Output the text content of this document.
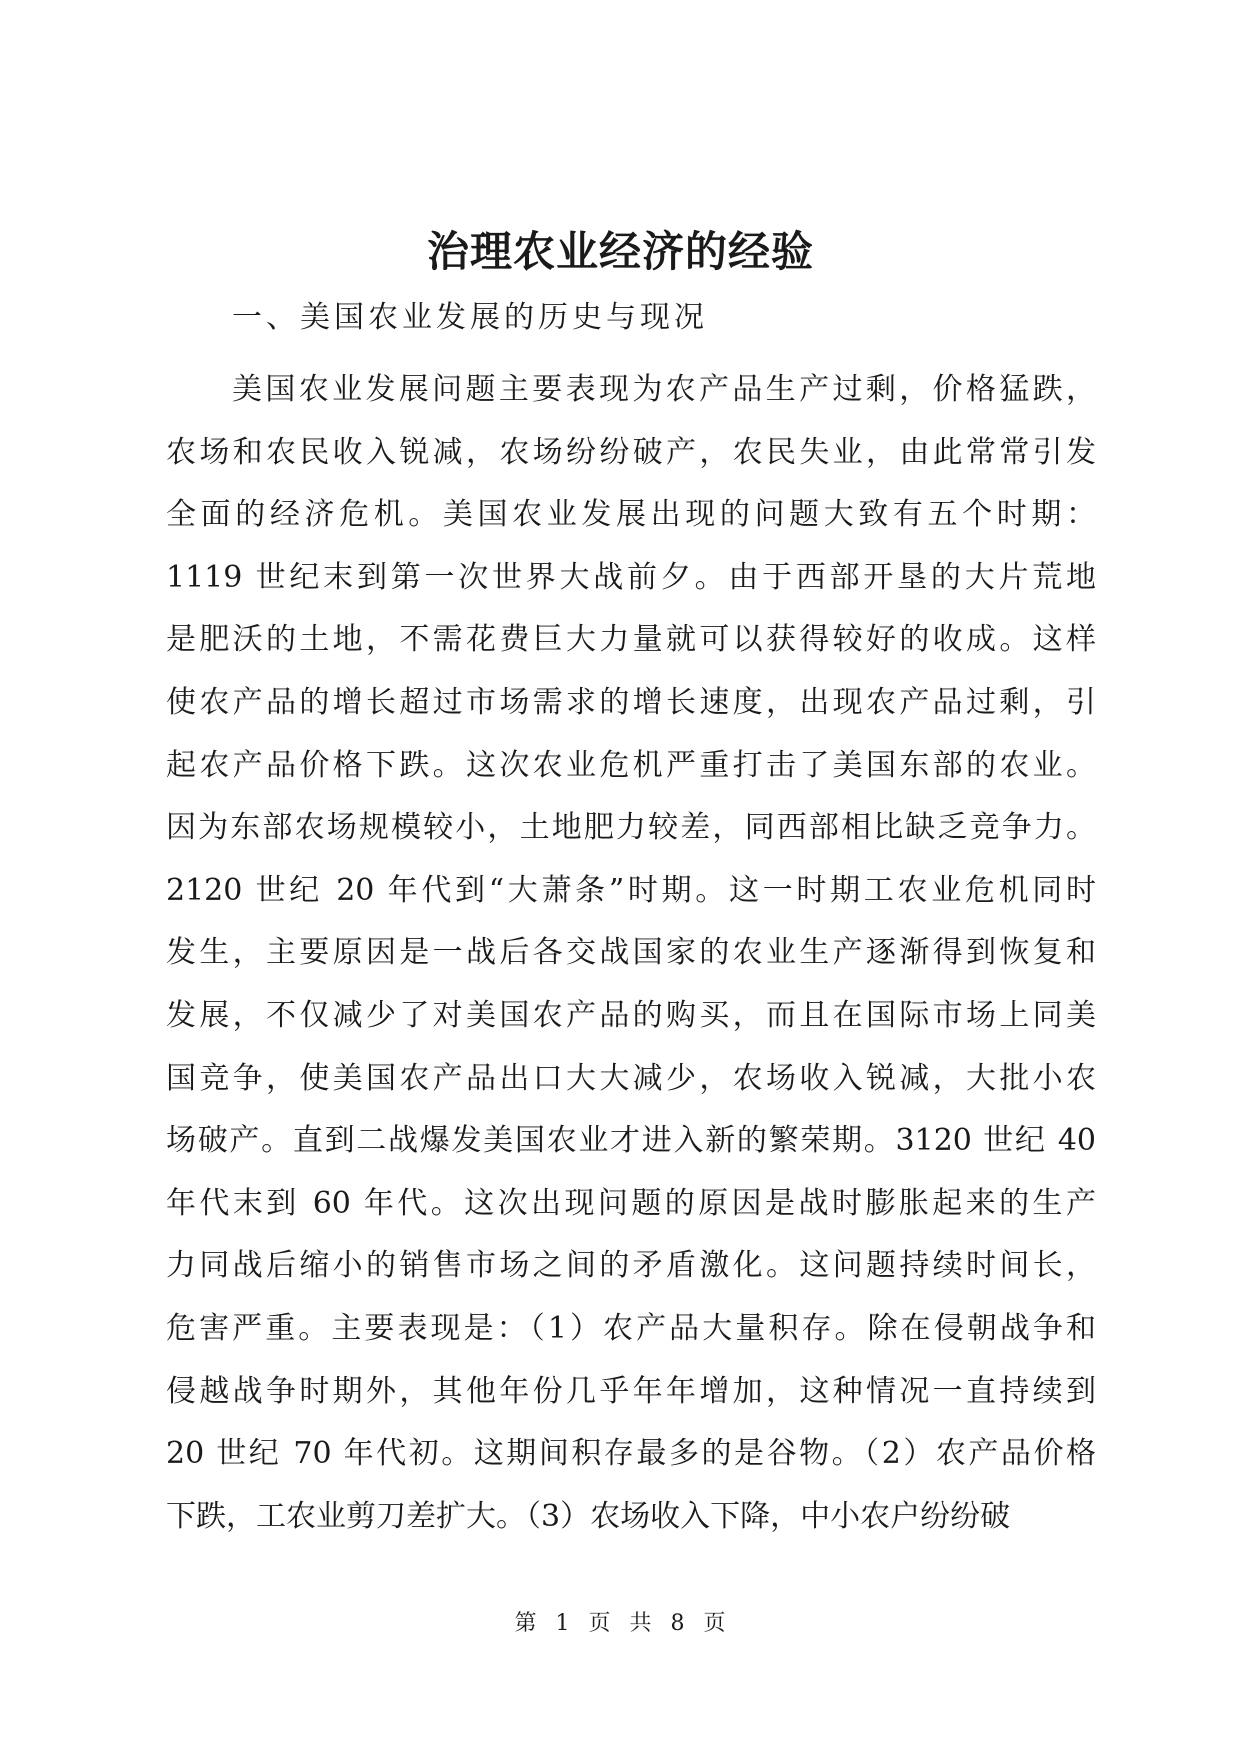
治理农业经济的经验
一、美国农业发展的历史与现况
美国农业发展问题主要表现为农产品生产过剩，价格猛跌，
农场和农民收入锐减，农场纷纷破产，农民失业，由此常常引发
全面的经济危机。美国农业发展出现的问题大致有五个时期：
1119 世纪末到第一次世界大战前夕。由于西部开垦的大片荒地
是肥沃的土地，不需花费巨大力量就可以获得较好的收成。这样
使农产品的增长超过市场需求的增长速度，出现农产品过剩，引
起农产品价格下跌。这次农业危机严重打击了美国东部的农业。
因为东部农场规模较小，土地肥力较差，同西部相比缺乏竞争力。
2120 世纪 20 年代到“大萧条”时期。这一时期工农业危机同时
发生，主要原因是一战后各交战国家的农业生产逐渐得到恢复和
发展，不仅减少了对美国农产品的购买，而且在国际市场上同美
国竞争，使美国农产品出口大大减少，农场收入锐减，大批小农
场破产。直到二战爆发美国农业才进入新的繁荣期。3120 世纪 40
年代末到 60 年代。这次出现问题的原因是战时膨胀起来的生产
力同战后缩小的销售市场之间的矛盾激化。这问题持续时间长，
危害严重。主要表现是：（1）农产品大量积存。除在侵朝战争和
侵越战争时期外，其他年份几乎年年增加，这种情况一直持续到
20 世纪 70 年代初。这期间积存最多的是谷物。（2）农产品价格
下跌，工农业剪刀差扩大。（3）农场收入下降，中小农户纷纷破
第 1 页 共 8 页
